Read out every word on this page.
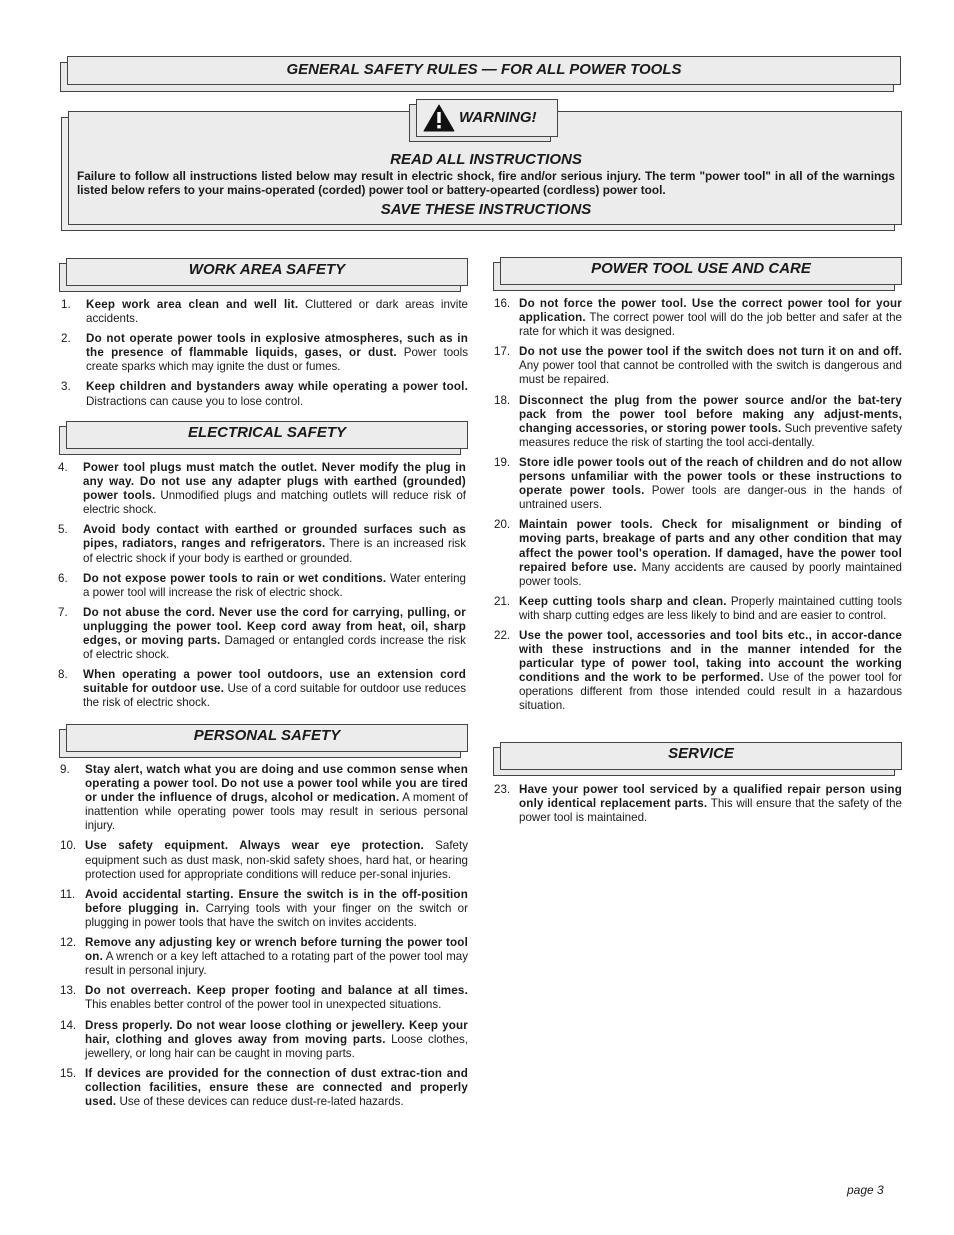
GENERAL SAFETY RULES — FOR ALL POWER TOOLS
WARNING!
READ ALL INSTRUCTIONS
Failure to follow all instructions listed below may result in electric shock, fire and/or serious injury. The term "power tool" in all of the warnings listed below refers to your mains-operated (corded) power tool or battery-opearted (cordless) power tool.
SAVE THESE INSTRUCTIONS
WORK AREA SAFETY
1. Keep work area clean and well lit. Cluttered or dark areas invite accidents.
2. Do not operate power tools in explosive atmospheres, such as in the presence of flammable liquids, gases, or dust. Power tools create sparks which may ignite the dust or fumes.
3. Keep children and bystanders away while operating a power tool. Distractions can cause you to lose control.
ELECTRICAL SAFETY
4. Power tool plugs must match the outlet. Never modify the plug in any way. Do not use any adapter plugs with earthed (grounded) power tools. Unmodified plugs and matching outlets will reduce risk of electric shock.
5. Avoid body contact with earthed or grounded surfaces such as pipes, radiators, ranges and refrigerators. There is an increased risk of electric shock if your body is earthed or grounded.
6. Do not expose power tools to rain or wet conditions. Water entering a power tool will increase the risk of electric shock.
7. Do not abuse the cord. Never use the cord for carrying, pulling, or unplugging the power tool. Keep cord away from heat, oil, sharp edges, or moving parts. Damaged or entangled cords increase the risk of electric shock.
8. When operating a power tool outdoors, use an extension cord suitable for outdoor use. Use of a cord suitable for outdoor use reduces the risk of electric shock.
PERSONAL SAFETY
9. Stay alert, watch what you are doing and use common sense when operating a power tool. Do not use a power tool while you are tired or under the influence of drugs, alcohol or medication. A moment of inattention while operating power tools may result in serious personal injury.
10. Use safety equipment. Always wear eye protection. Safety equipment such as dust mask, non-skid safety shoes, hard hat, or hearing protection used for appropriate conditions will reduce per-sonal injuries.
11. Avoid accidental starting. Ensure the switch is in the off-position before plugging in. Carrying tools with your finger on the switch or plugging in power tools that have the switch on invites accidents.
12. Remove any adjusting key or wrench before turning the power tool on. A wrench or a key left attached to a rotating part of the power tool may result in personal injury.
13. Do not overreach. Keep proper footing and balance at all times. This enables better control of the power tool in unexpected situations.
14. Dress properly. Do not wear loose clothing or jewellery. Keep your hair, clothing and gloves away from moving parts. Loose clothes, jewellery, or long hair can be caught in moving parts.
15. If devices are provided for the connection of dust extrac-tion and collection facilities, ensure these are connected and properly used. Use of these devices can reduce dust-re-lated hazards.
POWER TOOL USE AND CARE
16. Do not force the power tool. Use the correct power tool for your application. The correct power tool will do the job better and safer at the rate for which it was designed.
17. Do not use the power tool if the switch does not turn it on and off. Any power tool that cannot be controlled with the switch is dangerous and must be repaired.
18. Disconnect the plug from the power source and/or the bat-tery pack from the power tool before making any adjust-ments, changing accessories, or storing power tools. Such preventive safety measures reduce the risk of starting the tool acci-dentally.
19. Store idle power tools out of the reach of children and do not allow persons unfamiliar with the power tools or these instructions to operate power tools. Power tools are danger-ous in the hands of untrained users.
20. Maintain power tools. Check for misalignment or binding of moving parts, breakage of parts and any other condition that may affect the power tool's operation. If damaged, have the power tool repaired before use. Many accidents are caused by poorly maintained power tools.
21. Keep cutting tools sharp and clean. Properly maintained cutting tools with sharp cutting edges are less likely to bind and are easier to control.
22. Use the power tool, accessories and tool bits etc., in accor-dance with these instructions and in the manner intended for the particular type of power tool, taking into account the working conditions and the work to be performed. Use of the power tool for operations different from those intended could result in a hazardous situation.
SERVICE
23. Have your power tool serviced by a qualified repair person using only identical replacement parts. This will ensure that the safety of the power tool is maintained.
page 3
